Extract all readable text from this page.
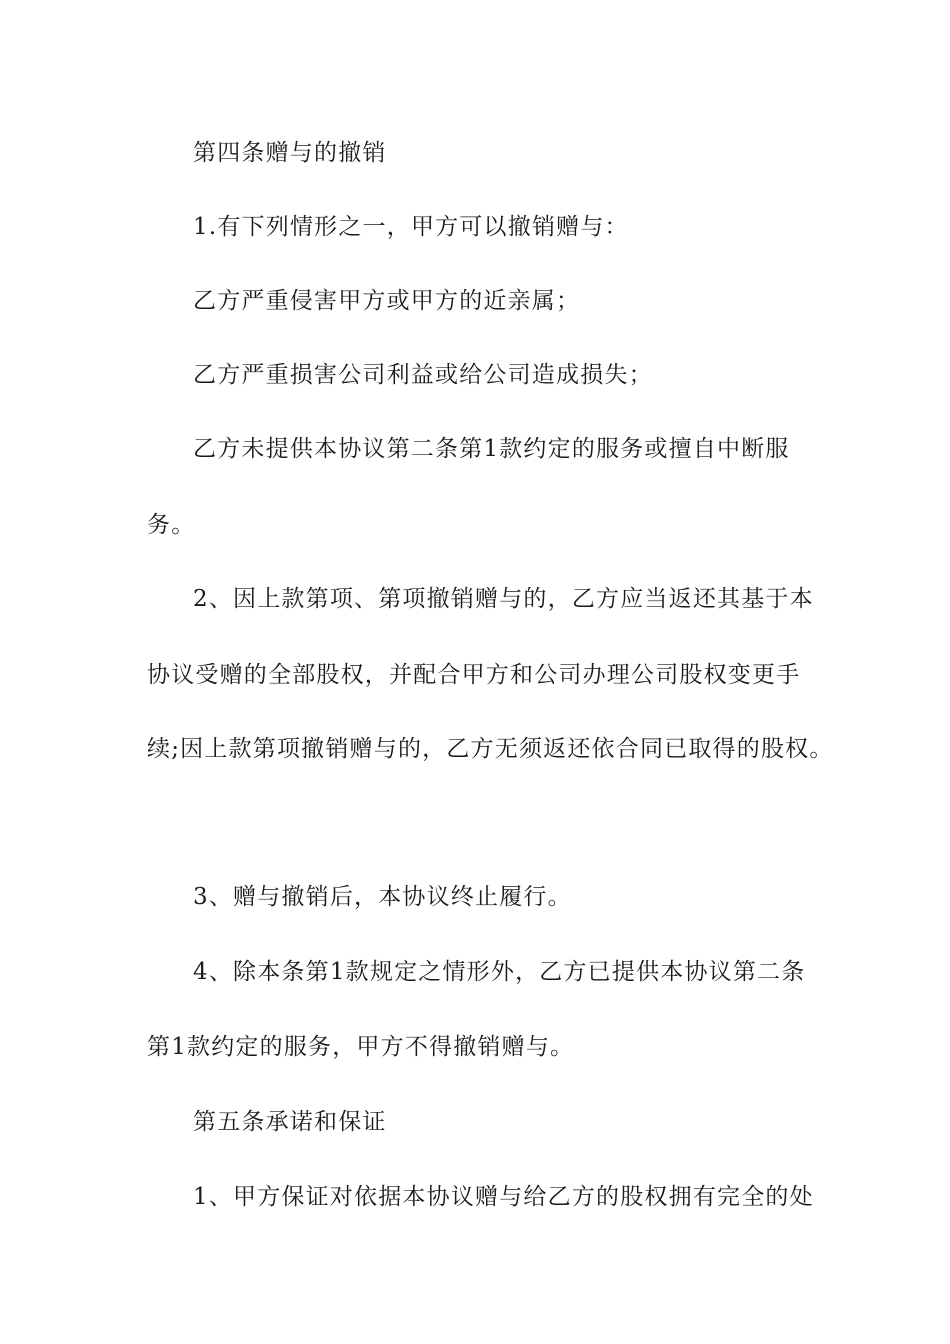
第四条赠与的撤销
1.有下列情形之一，甲方可以撤销赠与：
乙方严重侵害甲方或甲方的近亲属；
乙方严重损害公司利益或给公司造成损失；
乙方未提供本协议第二条第1款约定的服务或擅自中断服
务。
2、因上款第项、第项撤销赠与的，乙方应当返还其基于本
协议受赠的全部股权，并配合甲方和公司办理公司股权变更手
续;因上款第项撤销赠与的，乙方无须返还依合同已取得的股权。
3、赠与撤销后，本协议终止履行。
4、除本条第1款规定之情形外，乙方已提供本协议第二条
第1款约定的服务，甲方不得撤销赠与。
第五条承诺和保证
1、甲方保证对依据本协议赠与给乙方的股权拥有完全的处
